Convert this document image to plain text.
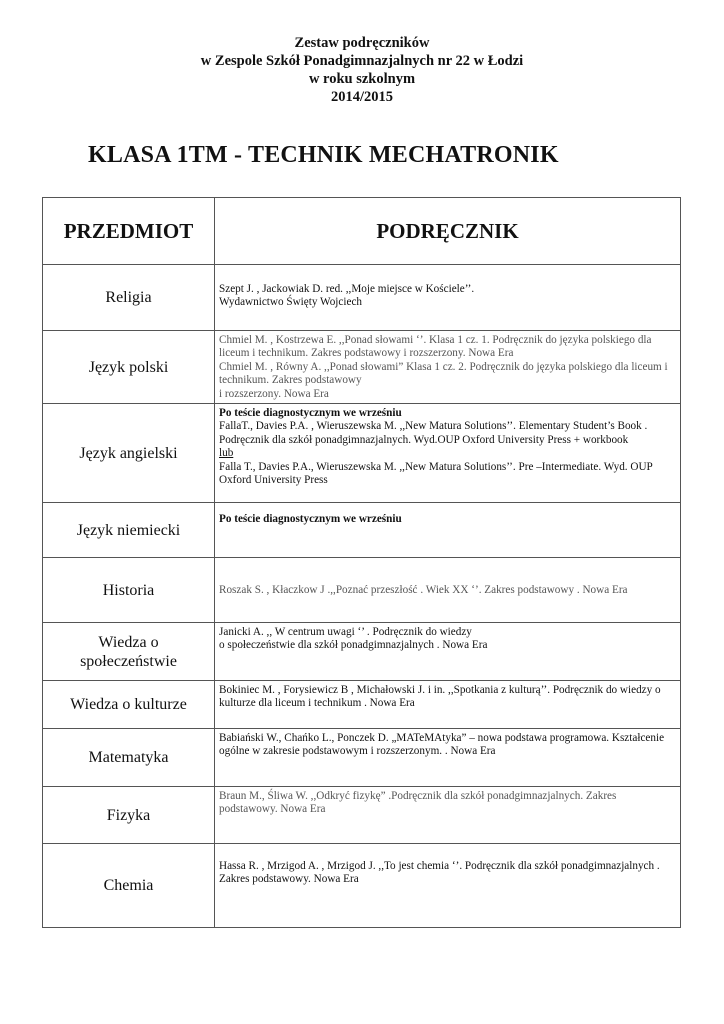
Zestaw podręczników
w Zespole Szkół Ponadgimnazjalnych nr 22 w Łodzi
w roku szkolnym
2014/2015
KLASA 1TM - TECHNIK MECHATRONIK
PRZEDMIOT	PODRĘCZNIK
Religia	Szept J. , Jackowiak D. red. ,,Moje miejsce w Kościele’’.
Wydawnictwo Święty Wojciech

Język polski	Chmiel M. , Kostrzewa E. ,,Ponad słowami ‘’. Klasa 1 cz. 1. Podręcznik do języka polskiego dla liceum i technikum. Zakres podstawowy i rozszerzony. Nowa Era
Chmiel M. , Równy A. ,,Ponad słowami” Klasa 1 cz. 2. Podręcznik do języka polskiego dla liceum i technikum. Zakres podstawowy
i rozszerzony. Nowa Era

Język angielski	Po teście diagnostycznym we wrześniu
FallaT., Davies P.A. , Wieruszewska M. ,,New Matura Solutions’’. Elementary Student’s Book . Podręcznik dla szkół ponadgimnazjalnych. Wyd.OUP Oxford University Press + workbook
lub
Falla T., Davies P.A., Wieruszewska M. ,,New Matura Solutions’’. Pre –Intermediate. Wyd. OUP Oxford University Press

Język niemiecki	Po teście diagnostycznym we wrześniu

Historia	Roszak S. , Kłaczkow J .,,Poznać przeszłość . Wiek XX ‘’. Zakres podstawowy . Nowa Era

Wiedza o
społeczeństwie	Janicki A. ,, W centrum uwagi ‘’ . Podręcznik do wiedzy
o społeczeństwie dla szkół ponadgimnazjalnych . Nowa Era

Wiedza o kulturze	Bokiniec M. , Forysiewicz B , Michałowski J. i in. ,,Spotkania z kulturą’’. Podręcznik do wiedzy o kulturze dla liceum i technikum . Nowa Era

Matematyka	Babiański W., Chańko L., Ponczek D. „MATeMAtyka” – nowa podstawa programowa. Kształcenie ogólne w zakresie podstawowym i rozszerzonym. . Nowa Era

Fizyka	Braun M., Śliwa W. ,,Odkryć fizykę” .Podręcznik dla szkół ponadgimnazjalnych. Zakres podstawowy. Nowa Era

Chemia	Hassa R. , Mrzigod A. , Mrzigod J. ,,To jest chemia ‘’. Podręcznik dla szkół ponadgimnazjalnych . Zakres podstawowy. Nowa Era
